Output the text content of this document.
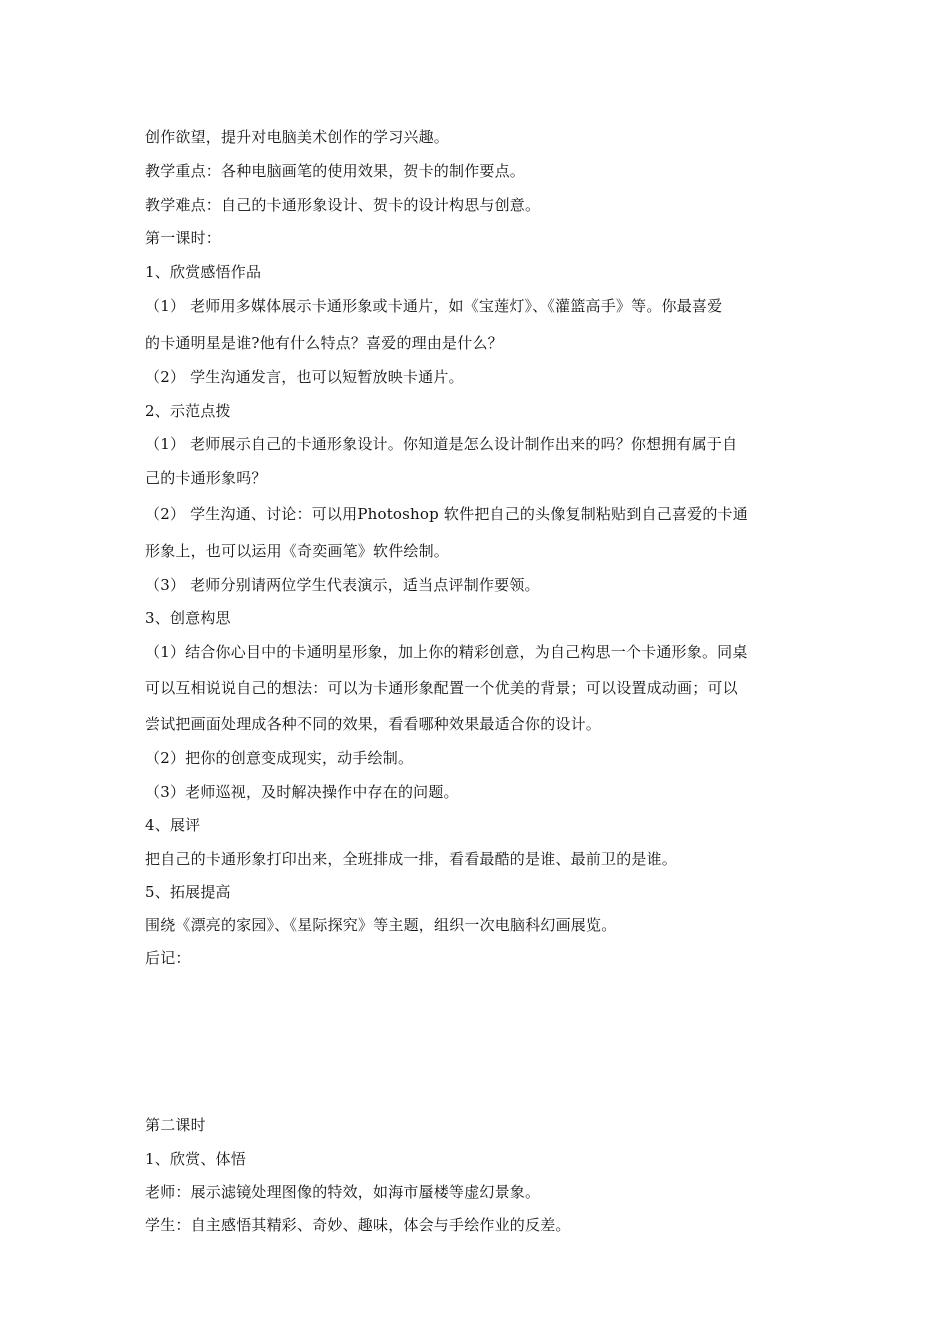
创作欲望，提升对电脑美术创作的学习兴趣。
教学重点：各种电脑画笔的使用效果，贺卡的制作要点。
教学难点：自己的卡通形象设计、贺卡的设计构思与创意。
第一课时：
1、欣赏感悟作品
（1） 老师用多媒体展示卡通形象或卡通片，如《宝莲灯》、《灌篮高手》等。你最喜爱
的卡通明星是谁?他有什么特点？喜爱的理由是什么？
（2） 学生沟通发言，也可以短暂放映卡通片。
2、示范点拨
（1） 老师展示自己的卡通形象设计。你知道是怎么设计制作出来的吗？你想拥有属于自
己的卡通形象吗？
（2） 学生沟通、讨论：可以用Photoshop 软件把自己的头像复制粘贴到自己喜爱的卡通
形象上，也可以运用《奇奕画笔》软件绘制。
（3） 老师分别请两位学生代表演示，适当点评制作要领。
3、创意构思
（1）结合你心目中的卡通明星形象，加上你的精彩创意，为自己构思一个卡通形象。同桌
可以互相说说自己的想法：可以为卡通形象配置一个优美的背景；可以设置成动画；可以
尝试把画面处理成各种不同的效果，看看哪种效果最适合你的设计。
（2）把你的创意变成现实，动手绘制。
（3）老师巡视，及时解决操作中存在的问题。
4、展评
把自己的卡通形象打印出来，全班排成一排，看看最酷的是谁、最前卫的是谁。
5、拓展提高
围绕《漂亮的家园》、《星际探究》等主题，组织一次电脑科幻画展览。
后记：
第二课时
1、欣赏、体悟
老师：展示滤镜处理图像的特效，如海市蜃楼等虚幻景象。
学生：自主感悟其精彩、奇妙、趣味，体会与手绘作业的反差。
